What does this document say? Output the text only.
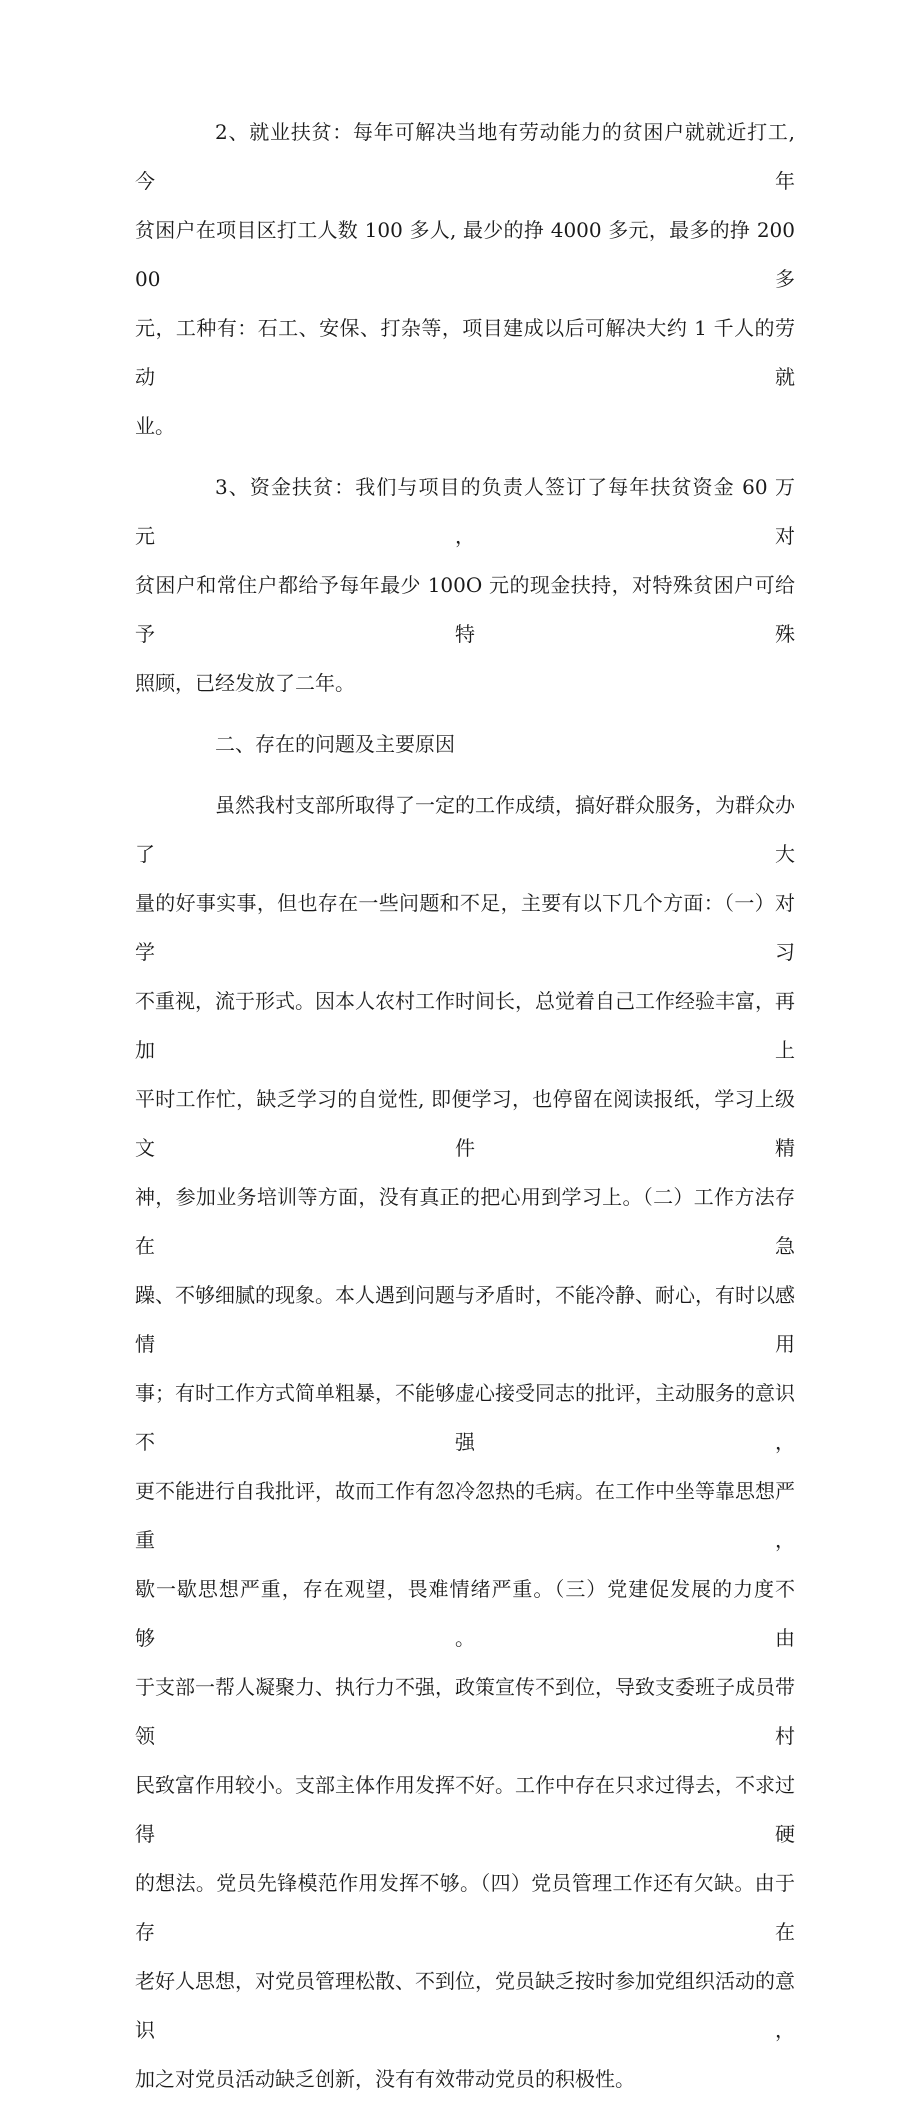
2、就业扶贫：每年可解决当地有劳动能力的贫困户就就近打工, 今年
贫困户在项目区打工人数 100 多人, 最少的挣 4000 多元，最多的挣 20000 多
元，工种有：石工、安保、打杂等，项目建成以后可解决大约 1 千人的劳动就
业。
3、资金扶贫：我们与项目的负责人签订了每年扶贫资金 60 万元，对
贫困户和常住户都给予每年最少 100O 元的现金扶持，对特殊贫困户可给予特殊
照顾，已经发放了二年。

二、存在的问题及主要原因

虽然我村支部所取得了一定的工作成绩，搞好群众服务，为群众办了大
量的好事实事，但也存在一些问题和不足，主要有以下几个方面：（一）对学习
不重视，流于形式。因本人农村工作时间长，总觉着自己工作经验丰富，再加上
平时工作忙，缺乏学习的自觉性, 即便学习，也停留在阅读报纸，学习上级文件精
神，参加业务培训等方面，没有真正的把心用到学习上。（二）工作方法存在急
躁、不够细腻的现象。本人遇到问题与矛盾时，不能冷静、耐心，有时以感情用
事；有时工作方式简单粗暴，不能够虚心接受同志的批评，主动服务的意识不强，
更不能进行自我批评，故而工作有忽冷忽热的毛病。在工作中坐等靠思想严重，
歇一歇思想严重，存在观望，畏难情绪严重。（三）党建促发展的力度不够。由
于支部一帮人凝聚力、执行力不强，政策宣传不到位，导致支委班子成员带领村
民致富作用较小。支部主体作用发挥不好。工作中存在只求过得去，不求过得硬
的想法。党员先锋模范作用发挥不够。（四）党员管理工作还有欠缺。由于存在
老好人思想，对党员管理松散、不到位，党员缺乏按时参加党组织活动的意识，
加之对党员活动缺乏创新，没有有效带动党员的积极性。
